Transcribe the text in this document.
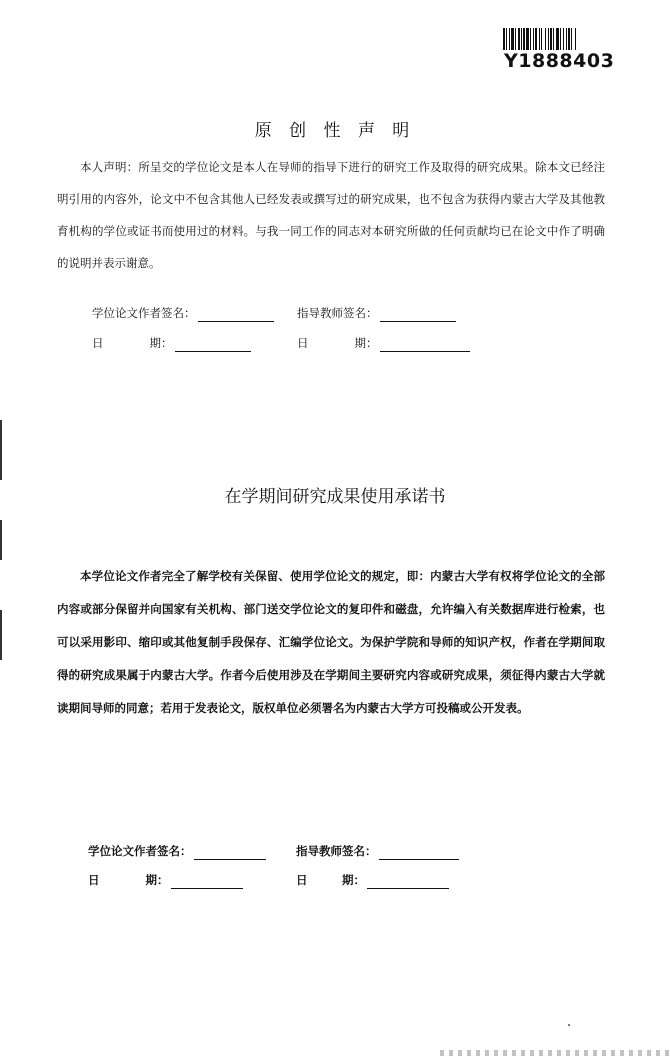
Y1888403
原 创 性 声 明
本人声明：所呈交的学位论文是本人在导师的指导下进行的研究工作及取得的研究成果。除本文已经注明引用的内容外，论文中不包含其他人已经发表或撰写过的研究成果，也不包含为获得内蒙古大学及其他教育机构的学位或证书而使用过的材料。与我一同工作的同志对本研究所做的任何贡献均已在论文中作了明确的说明并表示谢意。
学位论文作者签名：	指导教师签名：
日　　　　期：	日　　　　期：
在学期间研究成果使用承诺书
本学位论文作者完全了解学校有关保留、使用学位论文的规定，即：内蒙古大学有权将学位论文的全部内容或部分保留并向国家有关机构、部门送交学位论文的复印件和磁盘，允许编入有关数据库进行检索，也可以采用影印、缩印或其他复制手段保存、汇编学位论文。为保护学院和导师的知识产权，作者在学期间取得的研究成果属于内蒙古大学。作者今后使用涉及在学期间主要研究内容或研究成果，须征得内蒙古大学就读期间导师的同意；若用于发表论文，版权单位必须署名为内蒙古大学方可投稿或公开发表。
学位论文作者签名：	指导教师签名：
日　　　　期：	日　　　期：
